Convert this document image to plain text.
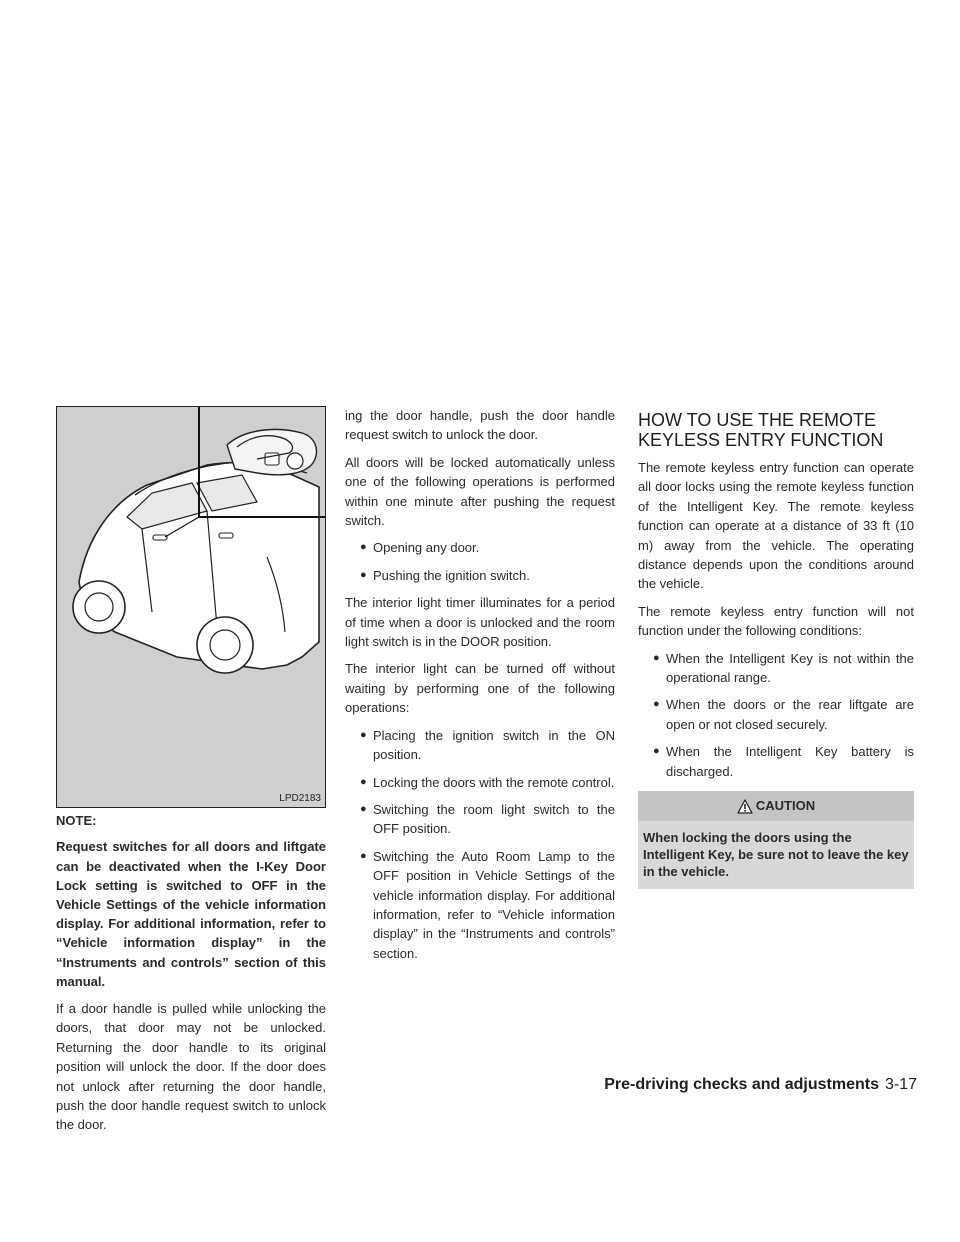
LPD2183

NOTE:

Request switches for all doors and liftgate can be deactivated when the I-Key Door Lock setting is switched to OFF in the Vehicle Settings of the vehicle information display. For additional information, refer to “Vehicle information display” in the “Instruments and controls” section of this manual.

If a door handle is pulled while unlocking the doors, that door may not be unlocked. Returning the door handle to its original position will unlock the door. If the door does not unlock after returning the door handle, push the door handle request switch to unlock the door.

ing the door handle, push the door handle request switch to unlock the door.

All doors will be locked automatically unless one of the following operations is performed within one minute after pushing the request switch.

● Opening any door.
● Pushing the ignition switch.

The interior light timer illuminates for a period of time when a door is unlocked and the room light switch is in the DOOR position.

The interior light can be turned off without waiting by performing one of the following operations:

● Placing the ignition switch in the ON position.
● Locking the doors with the remote control.
● Switching the room light switch to the OFF position.
● Switching the Auto Room Lamp to the OFF position in Vehicle Settings of the vehicle information display. For additional information, refer to “Vehicle information display” in the “Instruments and controls” section.
HOW TO USE THE REMOTE
KEYLESS ENTRY FUNCTION

The remote keyless entry function can operate all door locks using the remote keyless function of the Intelligent Key. The remote keyless function can operate at a distance of 33 ft (10 m) away from the vehicle. The operating distance depends upon the conditions around the vehicle.

The remote keyless entry function will not function under the following conditions:

● When the Intelligent Key is not within the operational range.
● When the doors or the rear liftgate are open or not closed securely.
● When the Intelligent Key battery is discharged.
CAUTION
When locking the doors using the Intelligent Key, be sure not to leave the key in the vehicle.
Pre-driving checks and adjustments 3-17
